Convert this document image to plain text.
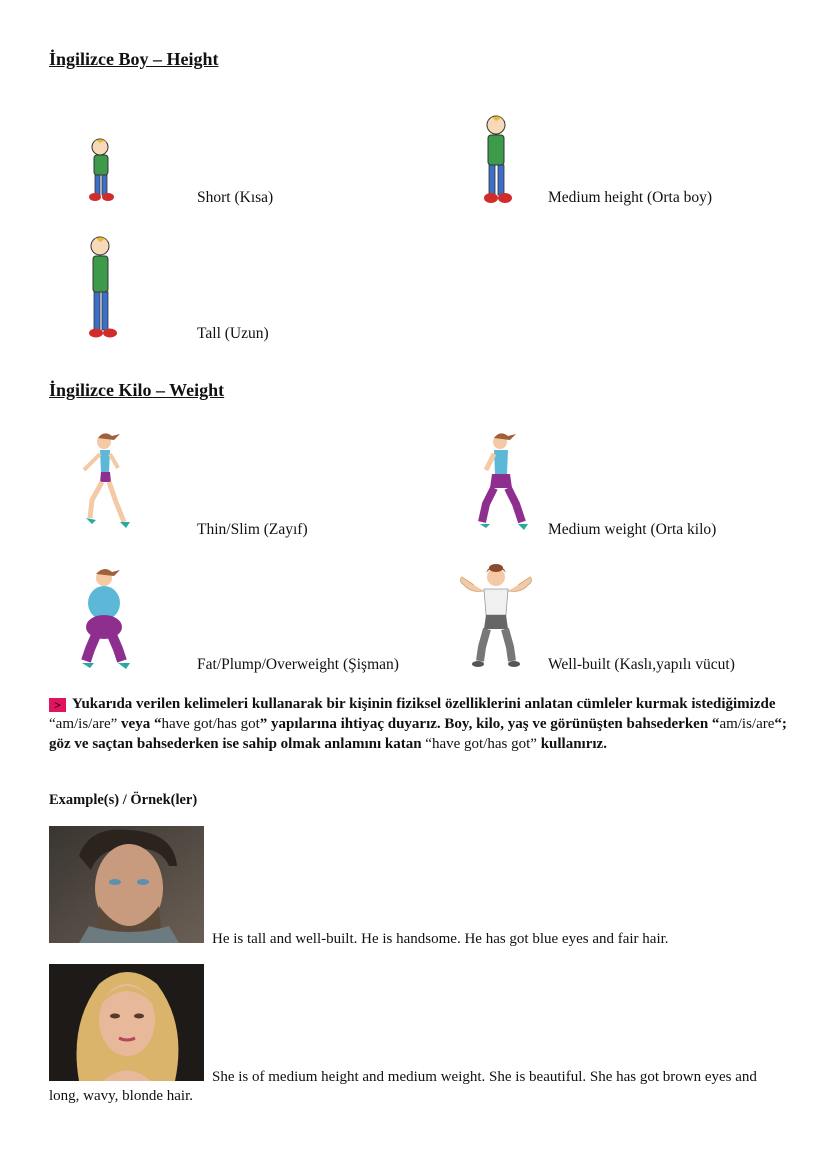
İngilizce Boy – Height
Short (Kısa)	Medium height (Orta boy)
Tall (Uzun)
İngilizce Kilo – Weight
Thin/Slim (Zayıf)	Medium weight (Orta kilo)
Fat/Plump/Overweight (Şişman)	Well-built (Kaslı,yapılı vücut)
> Yukarıda verilen kelimeleri kullanarak bir kişinin fiziksel özelliklerini anlatan cümleler kurmak istediğimizde “am/is/are” veya “have got/has got” yapılarına ihtiyaç duyarız. Boy, kilo, yaş ve görünüşten bahsederken “am/is/are“; göz ve saçtan bahsederken ise sahip olmak anlamını katan “have got/has got” kullanırız.
Example(s) / Örnek(ler)
He is tall and well-built. He is handsome. He has got blue eyes and fair hair.
She is of medium height and medium weight. She is beautiful. She has got brown eyes and
long, wavy, blonde hair.
